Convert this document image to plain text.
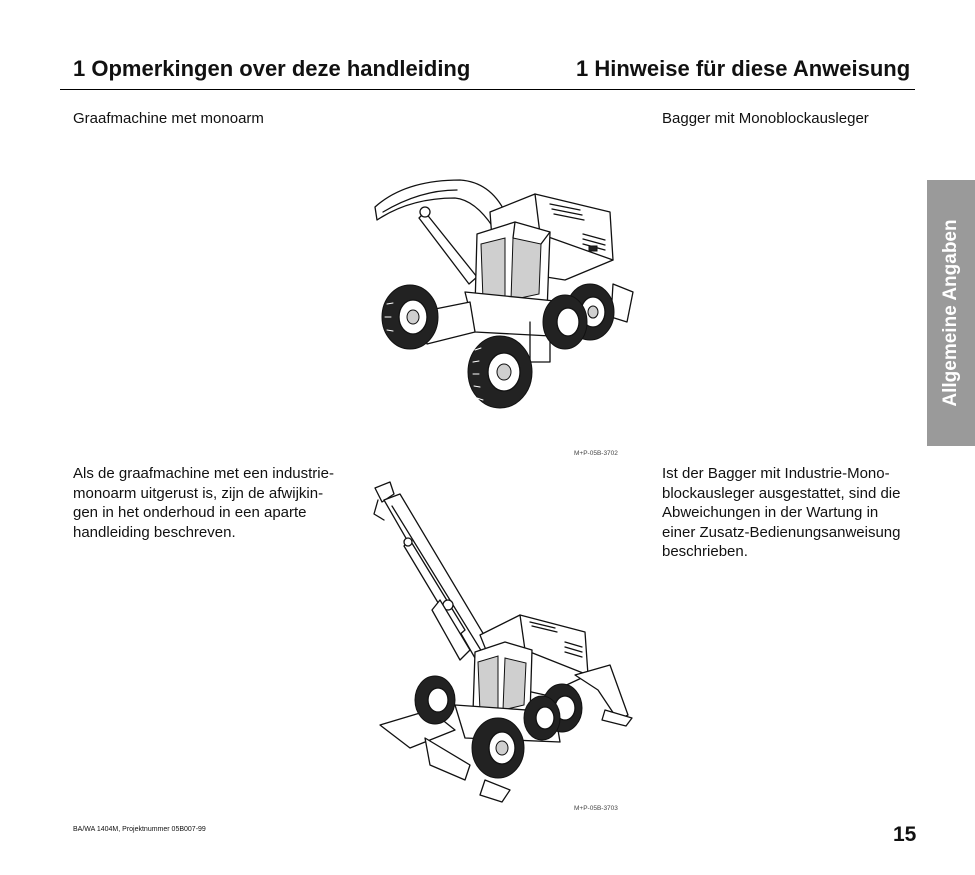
1 Opmerkingen over deze handleiding	1 Hinweise für diese Anweisung
Graafmachine met monoarm	Bagger mit Monoblockausleger
M+P-05B-3702
Als de graafmachine met een industrie-
monoarm uitgerust is, zijn de afwijkin-
gen in het onderhoud in een aparte
handleiding beschreven.
Ist der Bagger mit Industrie-Mono-
blockausleger ausgestattet, sind die
Abweichungen in der Wartung in
einer Zusatz-Bedienungsanweisung
beschrieben.
M+P-05B-3703
Allgemeine Angaben
BA/WA 1404M, Projektnummer 05B007-99	15
